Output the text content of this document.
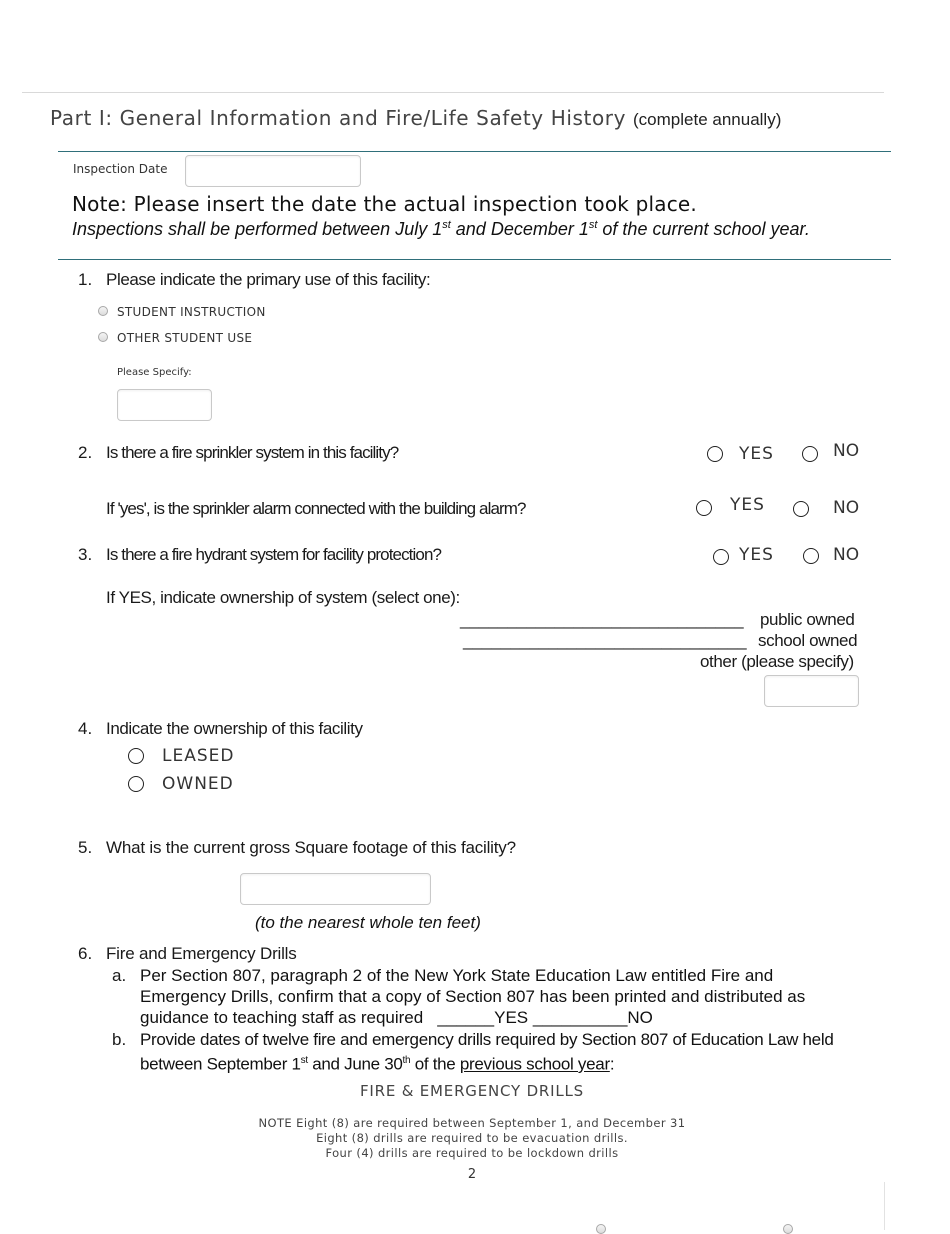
Part I: General Information and Fire/Life Safety History (complete annually)
Inspection Date
Note: Please insert the date the actual inspection took place.
Inspections shall be performed between July 1st and December 1st of the current school year.
1. Please indicate the primary use of this facility:
STUDENT INSTRUCTION
OTHER STUDENT USE
Please Specify:
2. Is there a fire sprinkler system in this facility?	YES	NO
If 'yes', is the sprinkler alarm connected with the building alarm?	YES	NO
3. Is there a fire hydrant system for facility protection?	YES	NO
If YES, indicate ownership of system (select one):
______________________________ public owned
______________________________ school owned
other (please specify)
4. Indicate the ownership of this facility
LEASED
OWNED
5. What is the current gross Square footage of this facility?
(to the nearest whole ten feet)
6. Fire and Emergency Drills
a. Per Section 807, paragraph 2 of the New York State Education Law entitled Fire and Emergency Drills, confirm that a copy of Section 807 has been printed and distributed as guidance to teaching staff as required   ______YES __________NO
b. Provide dates of twelve fire and emergency drills required by Section 807 of Education Law held between September 1st and June 30th of the previous school year:
FIRE & EMERGENCY DRILLS
NOTE Eight (8) are required between September 1, and December 31
Eight (8) drills are required to be evacuation drills.
Four (4) drills are required to be lockdown drills
2
